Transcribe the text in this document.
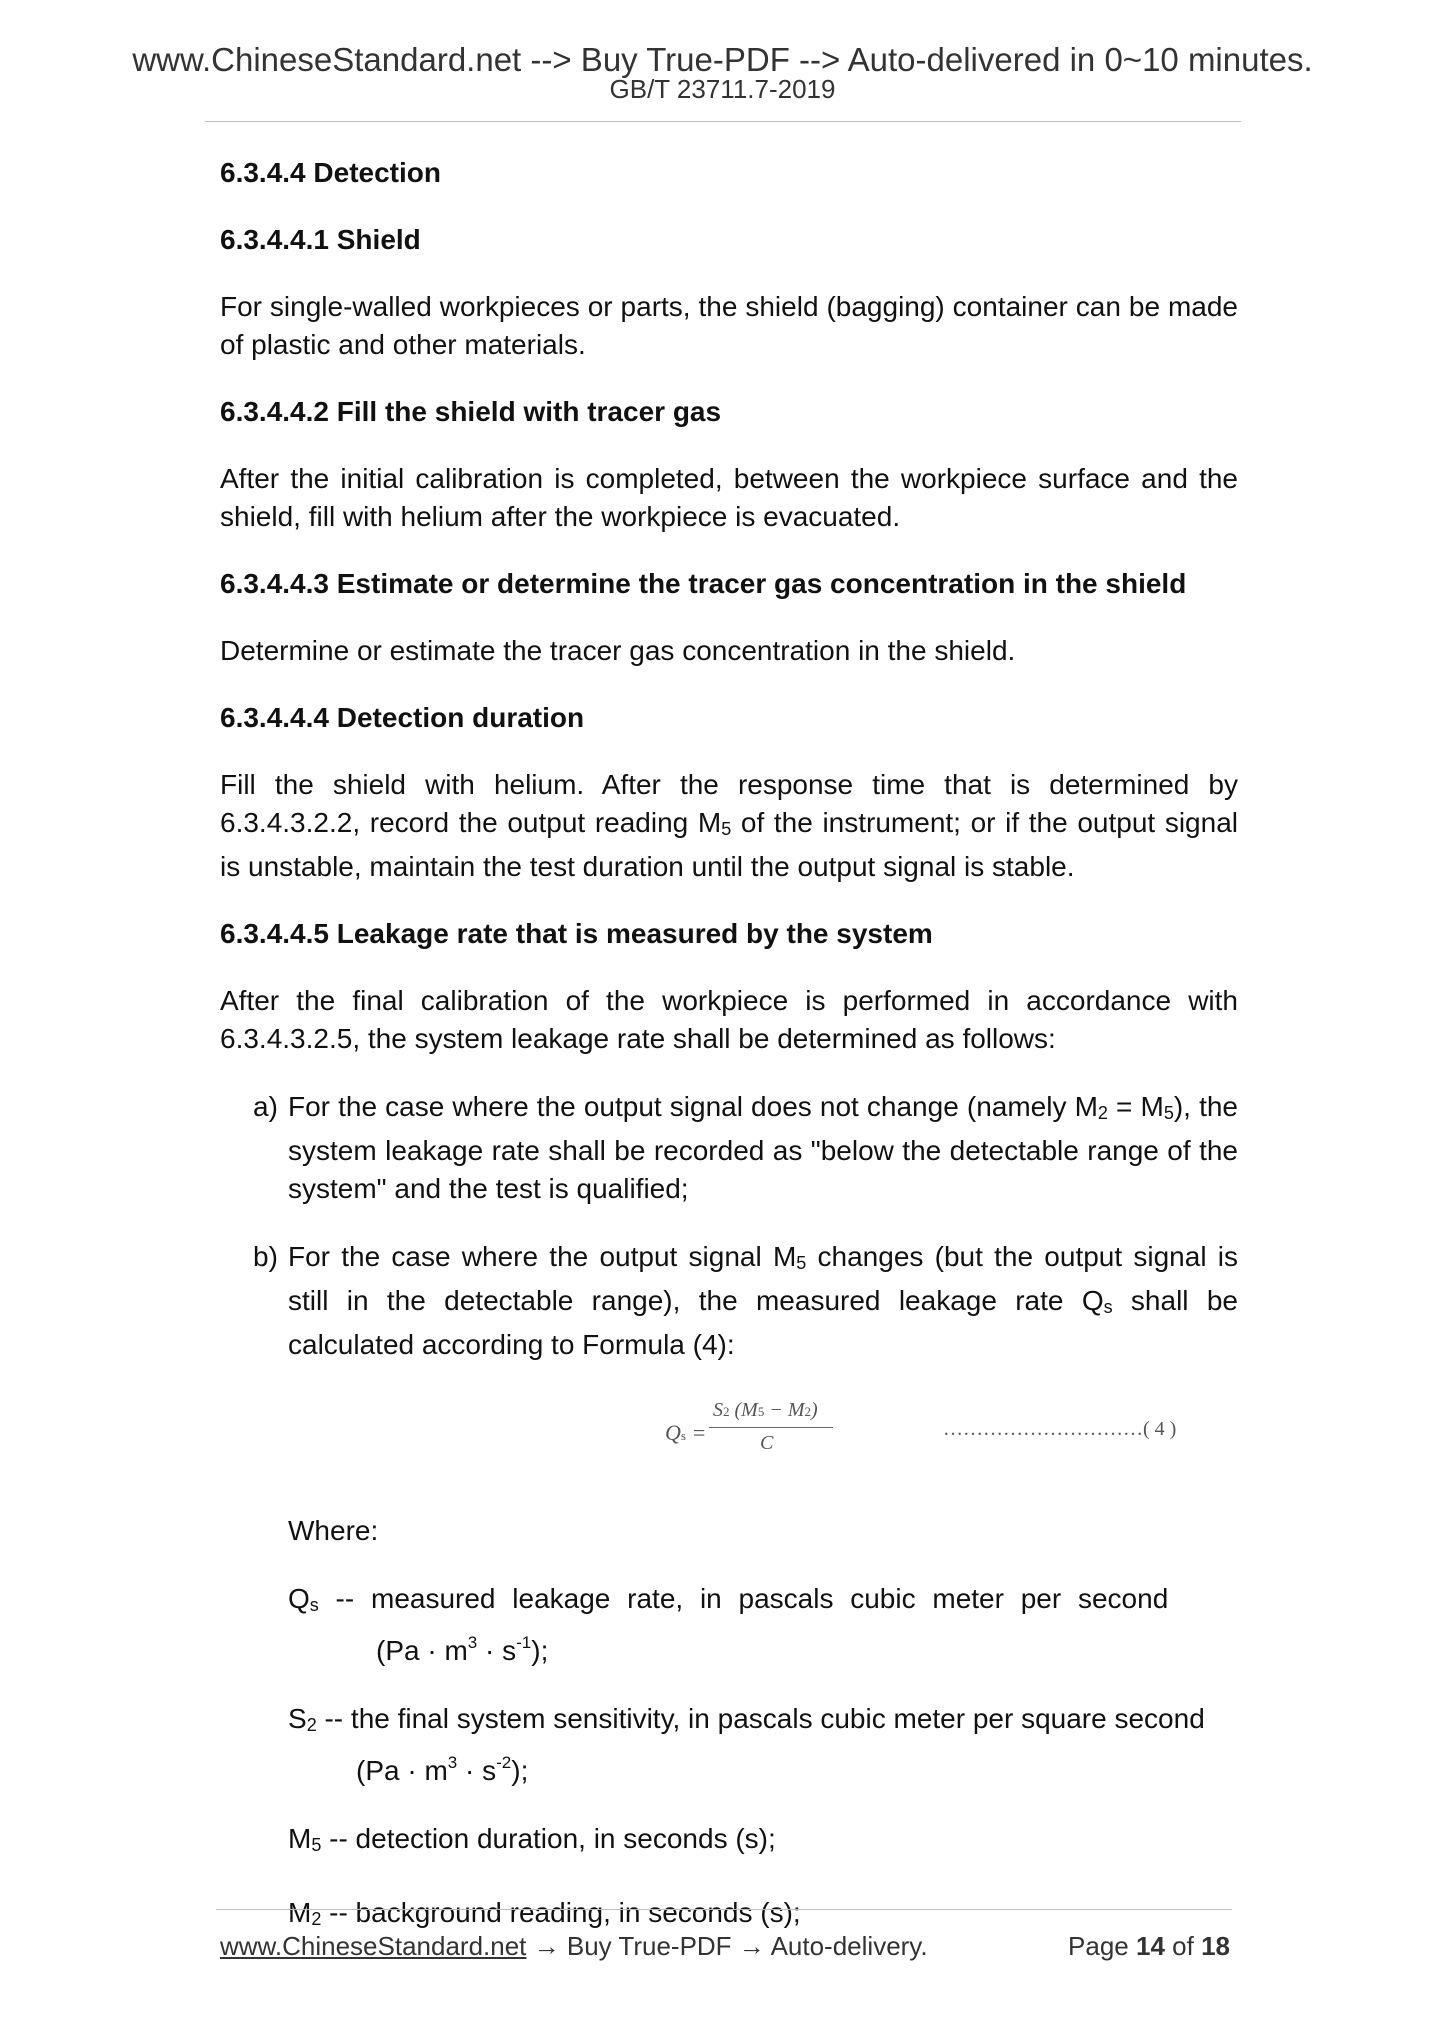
www.ChineseStandard.net --> Buy True-PDF --> Auto-delivered in 0~10 minutes.
GB/T 23711.7-2019
6.3.4.4 Detection
6.3.4.4.1 Shield

For single-walled workpieces or parts, the shield (bagging) container can be made of plastic and other materials.

6.3.4.4.2 Fill the shield with tracer gas

After the initial calibration is completed, between the workpiece surface and the shield, fill with helium after the workpiece is evacuated.

6.3.4.4.3 Estimate or determine the tracer gas concentration in the shield

Determine or estimate the tracer gas concentration in the shield.

6.3.4.4.4 Detection duration

Fill the shield with helium. After the response time that is determined by 6.3.4.3.2.2, record the output reading M5 of the instrument; or if the output signal is unstable, maintain the test duration until the output signal is stable.

6.3.4.4.5 Leakage rate that is measured by the system

After the final calibration of the workpiece is performed in accordance with 6.3.4.3.2.5, the system leakage rate shall be determined as follows:

a) For the case where the output signal does not change (namely M2 = M5), the system leakage rate shall be recorded as "below the detectable range of the system" and the test is qualified;
b) For the case where the output signal M5 changes (but the output signal is still in the detectable range), the measured leakage rate Qs shall be calculated according to Formula (4):
Qs =
S2 (M5 − M2)
C
…………………………( 4 )
Where:
Qs -- measured leakage rate, in pascals cubic meter per second
$(Pa \cdot m^3 \cdot s^{-1})$;
S2 -- the final system sensitivity, in pascals cubic meter per square second
$(Pa \cdot m^3 \cdot s^{-2})$;
M5 -- detection duration, in seconds (s);
M2 -- background reading, in seconds (s);
www.ChineseStandard.net → Buy True-PDF → Auto-delivery.	Page 14 of 18
